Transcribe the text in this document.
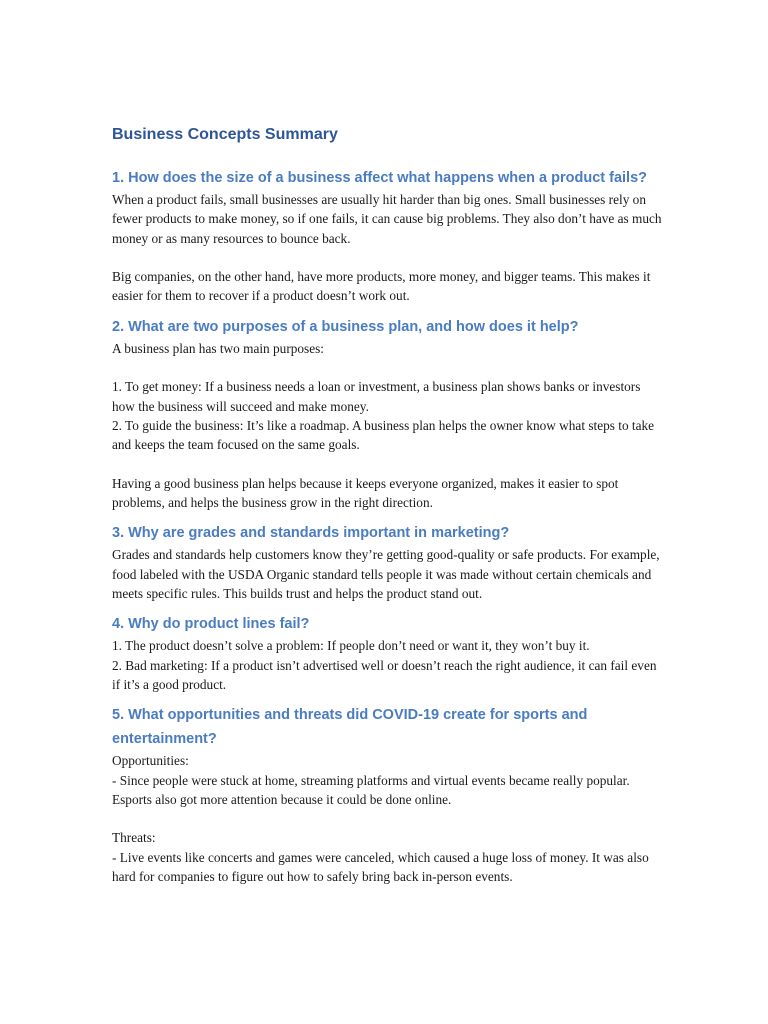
Business Concepts Summary
1. How does the size of a business affect what happens when a product fails?

When a product fails, small businesses are usually hit harder than big ones. Small businesses rely on fewer products to make money, so if one fails, it can cause big problems. They also don’t have as much money or as many resources to bounce back.

Big companies, on the other hand, have more products, more money, and bigger teams. This makes it easier for them to recover if a product doesn’t work out.

2. What are two purposes of a business plan, and how does it help?

A business plan has two main purposes:

1. To get money: If a business needs a loan or investment, a business plan shows banks or investors how the business will succeed and make money.

2. To guide the business: It’s like a roadmap. A business plan helps the owner know what steps to take and keeps the team focused on the same goals.

Having a good business plan helps because it keeps everyone organized, makes it easier to spot problems, and helps the business grow in the right direction.

3. Why are grades and standards important in marketing?

Grades and standards help customers know they’re getting good-quality or safe products. For example, food labeled with the USDA Organic standard tells people it was made without certain chemicals and meets specific rules. This builds trust and helps the product stand out.

4. Why do product lines fail?

1. The product doesn’t solve a problem: If people don’t need or want it, they won’t buy it.

2. Bad marketing: If a product isn’t advertised well or doesn’t reach the right audience, it can fail even if it’s a good product.

5. What opportunities and threats did COVID-19 create for sports and entertainment?

Opportunities:

- Since people were stuck at home, streaming platforms and virtual events became really popular. Esports also got more attention because it could be done online.

Threats:

- Live events like concerts and games were canceled, which caused a huge loss of money. It was also hard for companies to figure out how to safely bring back in-person events.
